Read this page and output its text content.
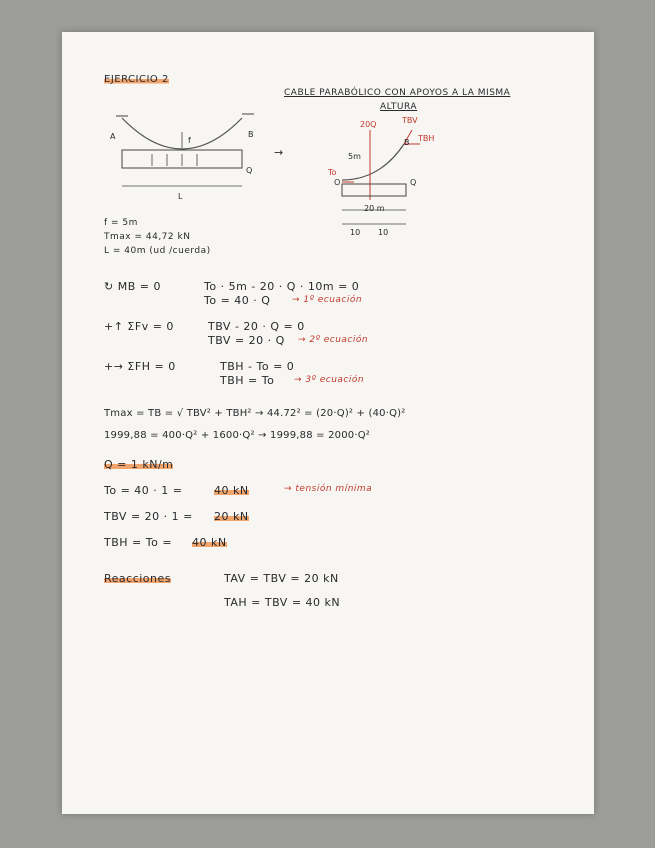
EJERCICIO 2
CABLE PARABÓLICO CON APOYOS A LA MISMA
ALTURA
A	B
f
Q
L
→
20Q	TBV
TBH
B
5m
To
O	Q
20 m
10 10
f = 5m
Tmax = 44,72 kN
L = 40m (ud /cuerda)
↻ MB = 0	To · 5m - 20 · Q · 10m = 0
To = 40 · Q → 1º ecuación
+↑ ΣFv = 0	TBV - 20 · Q = 0
TBV = 20 · Q → 2º ecuación
+→ ΣFH = 0	TBH - To = 0
TBH = To → 3º ecuación
Tmax = TB = √ TBV² + TBH² → 44.72² = (20·Q)² + (40·Q)²
1999,88 = 400·Q² + 1600·Q² → 1999,88 = 2000·Q²
Q = 1 kN/m
To = 40 · 1 =	40 kN	→ tensión mínima
TBV = 20 · 1 = 20 kN
TBH = To = 40 kN
Reacciones	TAV = TBV = 20 kN
TAH = TBV = 40 kN
